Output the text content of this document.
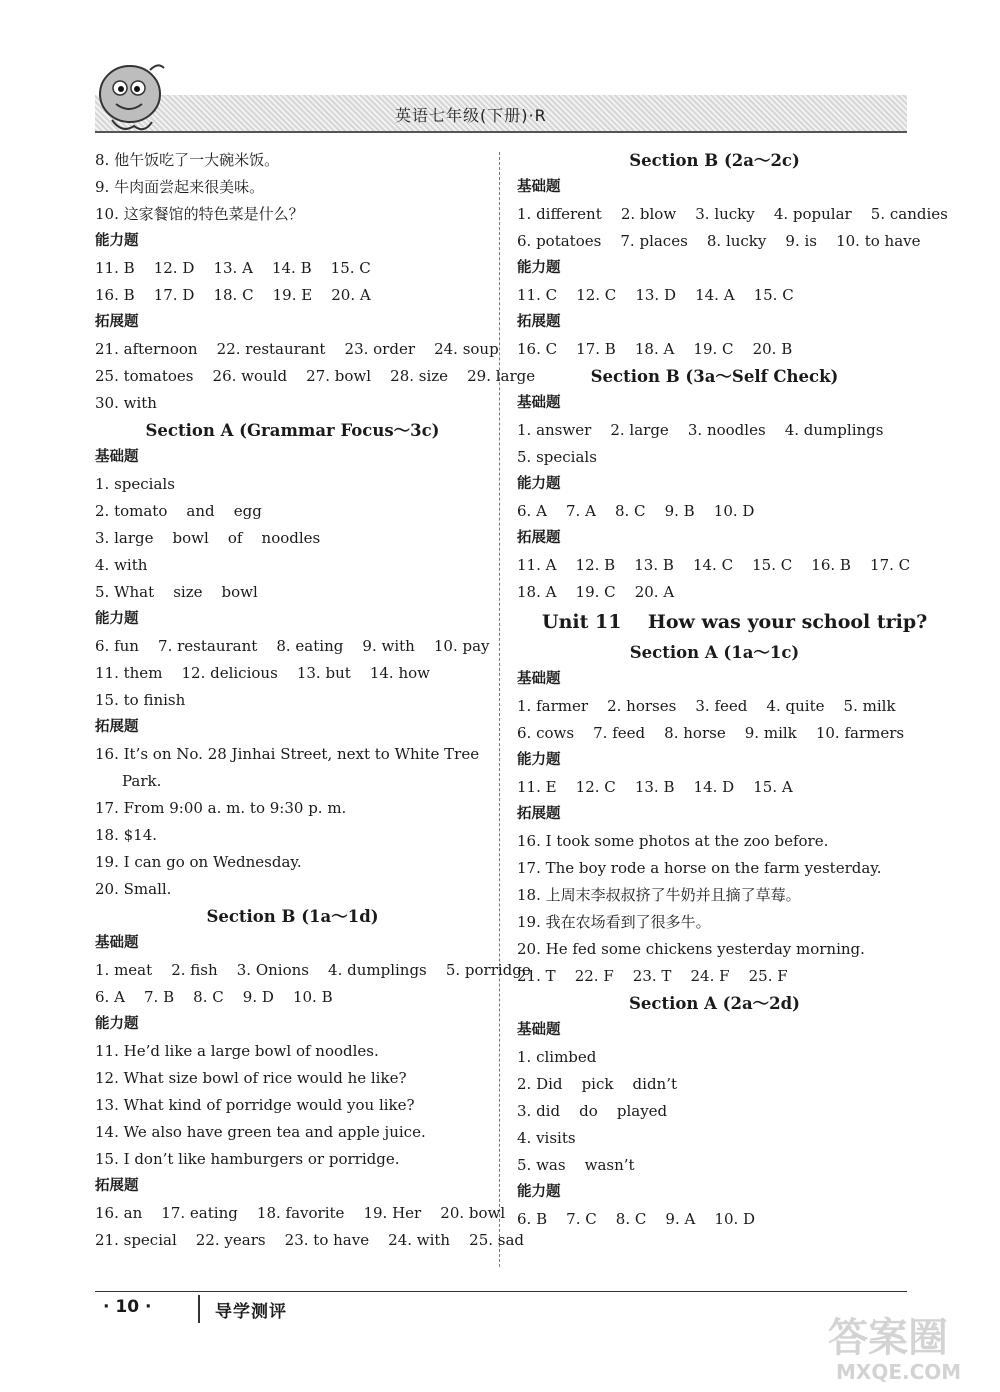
英语七年级(下册)·R
8. 他午饭吃了一大碗米饭。
9. 牛肉面尝起来很美味。
10. 这家餐馆的特色菜是什么？
能力题
11. B    12. D    13. A    14. B    15. C
16. B    17. D    18. C    19. E    20. A
拓展题
21. afternoon    22. restaurant    23. order    24. soup
25. tomatoes    26. would    27. bowl    28. size    29. large
30. with
Section A (Grammar Focus～3c)
基础题
1. specials
2. tomato    and    egg
3. large    bowl    of    noodles
4. with
5. What    size    bowl
能力题
6. fun    7. restaurant    8. eating    9. with    10. pay
11. them    12. delicious    13. but    14. how
15. to finish
拓展题
16. It’s on No. 28 Jinhai Street, next to White Tree
Park.
17. From 9:00 a. m. to 9:30 p. m.
18. $14.
19. I can go on Wednesday.
20. Small.
Section B (1a～1d)
基础题
1. meat    2. fish    3. Onions    4. dumplings    5. porridge
6. A    7. B    8. C    9. D    10. B
能力题
11. He’d like a large bowl of noodles.
12. What size bowl of rice would he like?
13. What kind of porridge would you like?
14. We also have green tea and apple juice.
15. I don’t like hamburgers or porridge.
拓展题
16. an    17. eating    18. favorite    19. Her    20. bowl
21. special    22. years    23. to have    24. with    25. sad
Section B (2a～2c)
基础题
1. different    2. blow    3. lucky    4. popular    5. candies
6. potatoes    7. places    8. lucky    9. is    10. to have
能力题
11. C    12. C    13. D    14. A    15. C
拓展题
16. C    17. B    18. A    19. C    20. B
Section B (3a～Self Check)
基础题
1. answer    2. large    3. noodles    4. dumplings
5. specials
能力题
6. A    7. A    8. C    9. B    10. D
拓展题
11. A    12. B    13. B    14. C    15. C    16. B    17. C
18. A    19. C    20. A
Unit 11    How was your school trip?
Section A (1a～1c)
基础题
1. farmer    2. horses    3. feed    4. quite    5. milk
6. cows    7. feed    8. horse    9. milk    10. farmers
能力题
11. E    12. C    13. B    14. D    15. A
拓展题
16. I took some photos at the zoo before.
17. The boy rode a horse on the farm yesterday.
18. 上周末李叔叔挤了牛奶并且摘了草莓。
19. 我在农场看到了很多牛。
20. He fed some chickens yesterday morning.
21. T    22. F    23. T    24. F    25. F
Section A (2a～2d)
基础题
1. climbed
2. Did    pick    didn’t
3. did    do    played
4. visits
5. was    wasn’t
能力题
6. B    7. C    8. C    9. A    10. D
· 10 ·	导学测评
答案圈
MXQE.COM
